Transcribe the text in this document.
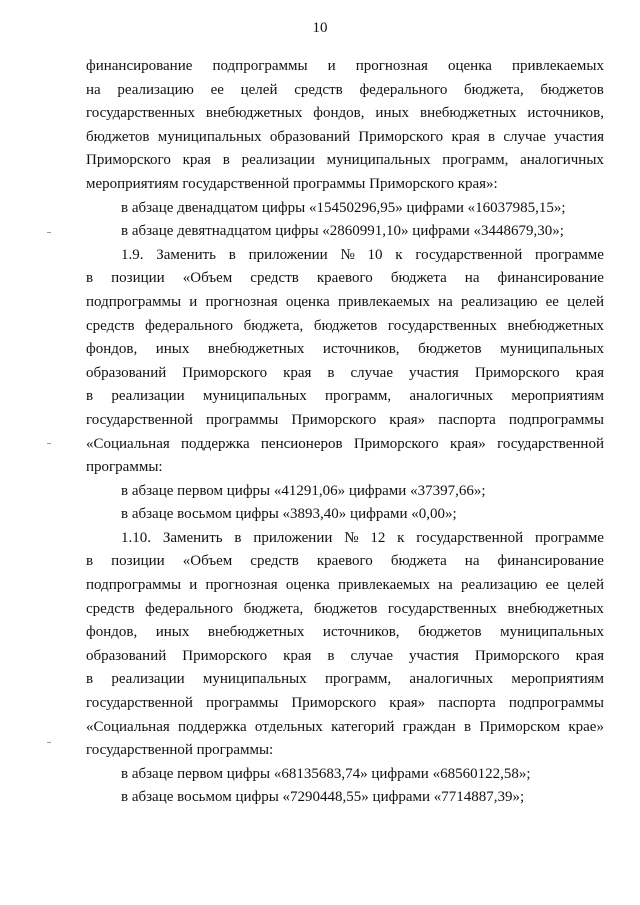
10
финансирование подпрограммы и прогнозная оценка привлекаемых
на реализацию ее целей средств федерального бюджета, бюджетов
государственных внебюджетных фондов, иных внебюджетных источников,
бюджетов муниципальных образований Приморского края в случае участия
Приморского края в реализации муниципальных программ, аналогичных
мероприятиям государственной программы Приморского края»:
в абзаце двенадцатом цифры «15450296,95» цифрами «16037985,15»;
в абзаце девятнадцатом цифры «2860991,10» цифрами «3448679,30»;
1.9. Заменить в приложении № 10 к государственной программе
в позиции «Объем средств краевого бюджета на финансирование
подпрограммы и прогнозная оценка привлекаемых на реализацию ее целей
средств федерального бюджета, бюджетов государственных внебюджетных
фондов, иных внебюджетных источников, бюджетов муниципальных
образований Приморского края в случае участия Приморского края
в реализации муниципальных программ, аналогичных мероприятиям
государственной программы Приморского края» паспорта подпрограммы
«Социальная поддержка пенсионеров Приморского края» государственной
программы:
в абзаце первом цифры «41291,06» цифрами «37397,66»;
в абзаце восьмом цифры «3893,40» цифрами «0,00»;
1.10. Заменить в приложении № 12 к государственной программе
в позиции «Объем средств краевого бюджета на финансирование
подпрограммы и прогнозная оценка привлекаемых на реализацию ее целей
средств федерального бюджета, бюджетов государственных внебюджетных
фондов, иных внебюджетных источников, бюджетов муниципальных
образований Приморского края в случае участия Приморского края
в реализации муниципальных программ, аналогичных мероприятиям
государственной программы Приморского края» паспорта подпрограммы
«Социальная поддержка отдельных категорий граждан в Приморском крае»
государственной программы:
в абзаце первом цифры «68135683,74» цифрами «68560122,58»;
в абзаце восьмом цифры «7290448,55» цифрами «7714887,39»;
